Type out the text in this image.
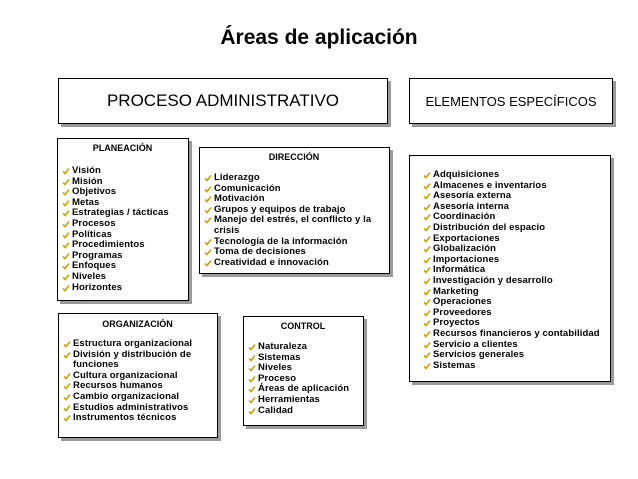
Áreas de aplicación
PROCESO ADMINISTRATIVO	ELEMENTOS ESPECÍFICOS
PLANEACIÓN
Visión
Misión
Objetivos
Metas
Estrategias / tácticas
Procesos
Políticas
Procedimientos
Programas
Enfoques
Niveles
Horizontes
DIRECCIÓN
Liderazgo
Comunicación
Motivación
Grupos y equipos de trabajo
Manejo del estrés, el conflicto y la crisis
Tecnología de la información
Toma de decisiones
Creatividad e innovación
Adquisiciones
Almacenes e inventarios
Asesoría externa
Asesoría interna
Coordinación
Distribución del espacio
Exportaciones
Globalización
Importaciones
Informática
Investigación y desarrollo
Marketing
Operaciones
Proveedores
Proyectos
Recursos financieros y contabilidad
Servicio a clientes
Servicios generales
Sistemas
ORGANIZACIÓN
Estructura organizacional
División y distribución de funciones
Cultura organizacional
Recursos humanos
Cambio organizacional
Estudios administrativos
Instrumentos técnicos
CONTROL
Naturaleza
Sistemas
Niveles
Proceso
Áreas de aplicación
Herramientas
Calidad
